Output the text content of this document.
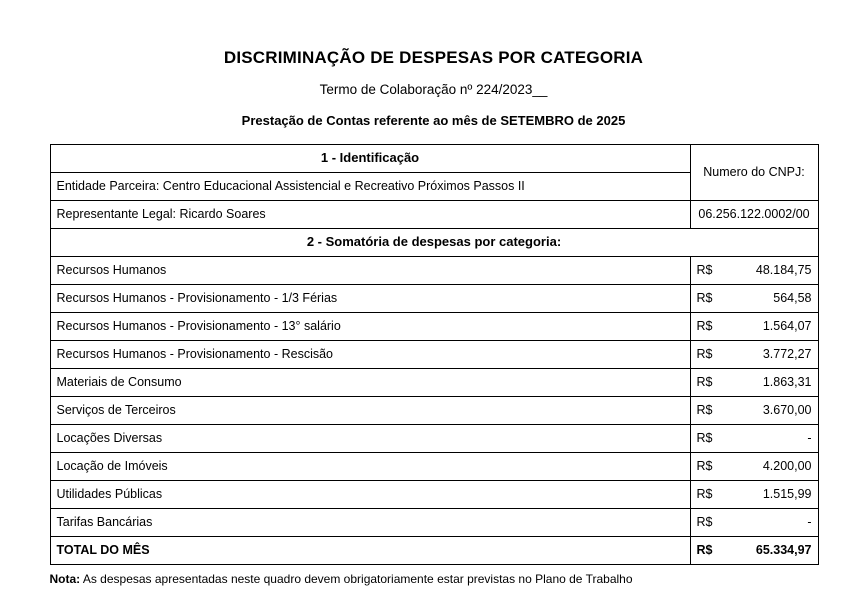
DISCRIMINAÇÃO DE DESPESAS POR CATEGORIA
Termo de Colaboração nº 224/2023__
Prestação de Contas referente ao mês de SETEMBRO de 2025
1 - Identificação	Numero do CNPJ:	
Entidade Parceira: Centro Educacional Assistencial e Recreativo Próximos Passos II		
Representante Legal: Ricardo Soares	06.256.122.0002/00	
2 - Somatória de despesas por categoria:		
Recursos Humanos	R$	48.184,75
Recursos Humanos - Provisionamento - 1/3 Férias	R$	564,58
Recursos Humanos - Provisionamento - 13° salário	R$	1.564,07
Recursos Humanos - Provisionamento - Rescisão	R$	3.772,27
Materiais de Consumo	R$	1.863,31
Serviços de Terceiros	R$	3.670,00
Locações Diversas	R$	-
Locação de Imóveis	R$	4.200,00
Utilidades Públicas	R$	1.515,99
Tarifas Bancárias	R$	-
TOTAL DO MÊS	R$	65.334,97
Nota: As despesas apresentadas neste quadro devem obrigatoriamente estar previstas no Plano de Trabalho
